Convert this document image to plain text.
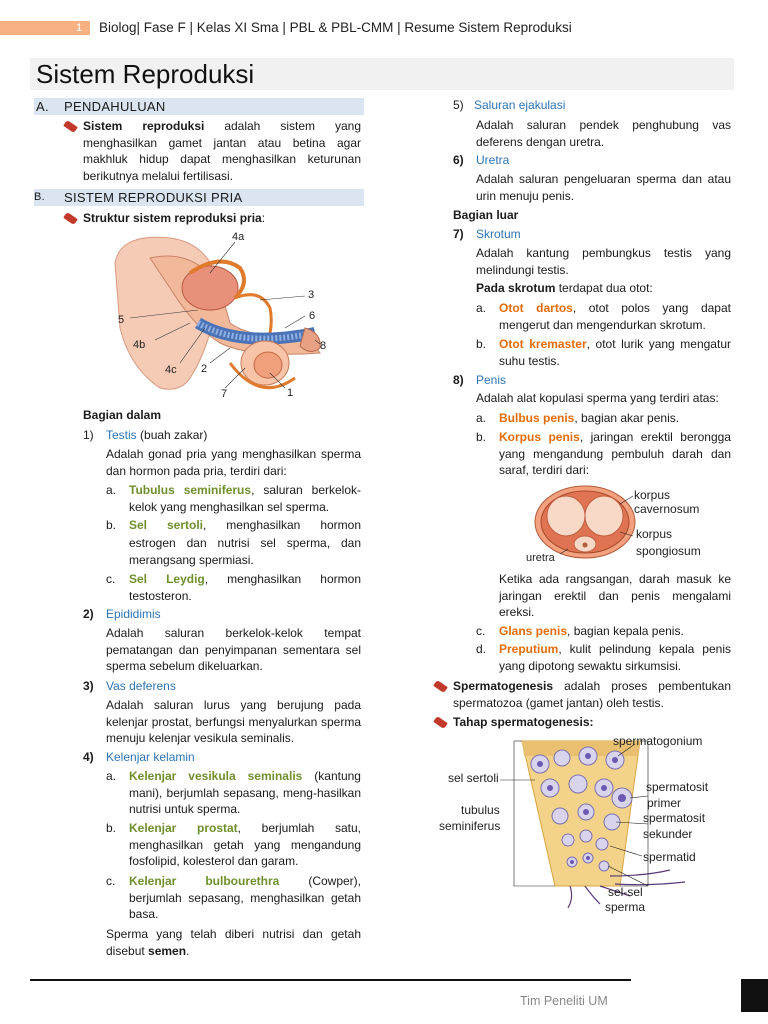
1 Biolog| Fase F | Kelas XI Sma | PBL & PBL-CMM | Resume Sistem Reproduksi
Sistem Reproduksi
A. PENDAHULUAN
Sistem reproduksi adalah sistem yang menghasilkan gamet jantan atau betina agar makhluk hidup dapat menghasilkan keturunan berikutnya melalui fertilisasi.
B. SISTEM REPRODUKSI PRIA
Struktur sistem reproduksi pria:
4a
3
5	6
4b	8
4c 2
7	1
Bagian dalam
1) Testis (buah zakar)
Adalah gonad pria yang menghasilkan sperma dan hormon pada pria, terdiri dari:
a. Tubulus seminiferus, saluran berkelok-kelok yang menghasilkan sel sperma.
b. Sel sertoli, menghasilkan hormon estrogen dan nutrisi sel sperma, dan merangsang spermiasi.
c. Sel Leydig, menghasilkan hormon testosteron.
2) Epididimis
Adalah saluran berkelok-kelok tempat pematangan dan penyimpanan sementara sel sperma sebelum dikeluarkan.
3) Vas deferens
Adalah saluran lurus yang berujung pada kelenjar prostat, berfungsi menyalurkan sperma menuju kelenjar vesikula seminalis.
4) Kelenjar kelamin
a. Kelenjar vesikula seminalis (kantung mani), berjumlah sepasang, meng-hasilkan nutrisi untuk sperma.
b. Kelenjar prostat, berjumlah satu, menghasilkan getah yang mengandung fosfolipid, kolesterol dan garam.
c. Kelenjar bulbourethra (Cowper), berjumlah sepasang, menghasilkan getah basa.
Sperma yang telah diberi nutrisi dan getah disebut semen.
5) Saluran ejakulasi
Adalah saluran pendek penghubung vas deferens dengan uretra.
6) Uretra
Adalah saluran pengeluaran sperma dan atau urin menuju penis.
Bagian luar
7) Skrotum
Adalah kantung pembungkus testis yang melindungi testis.
Pada skrotum terdapat dua otot:
a. Otot dartos, otot polos yang dapat mengerut dan mengendurkan skrotum.
b. Otot kremaster, otot lurik yang mengatur suhu testis.
8) Penis
Adalah alat kopulasi sperma yang terdiri atas:
a. Bulbus penis, bagian akar penis.
b. Korpus penis, jaringan erektil berongga yang mengandung pembuluh darah dan saraf, terdiri dari:
korpus
cavernosum
korpus
spongiosum
uretra
Ketika ada rangsangan, darah masuk ke jaringan erektil dan penis mengalami ereksi.
c. Glans penis, bagian kepala penis.
d. Preputium, kulit pelindung kepala penis yang dipotong sewaktu sirkumsisi.
Spermatogenesis adalah proses pembentukan spermatozoa (gamet jantan) oleh testis.
Tahap spermatogenesis:
spermatogonium
sel sertoli
spermatosit
primer
tubulus
seminiferus
spermatosit
sekunder
spermatid
sel-sel
sperma
Tim Peneliti UM
